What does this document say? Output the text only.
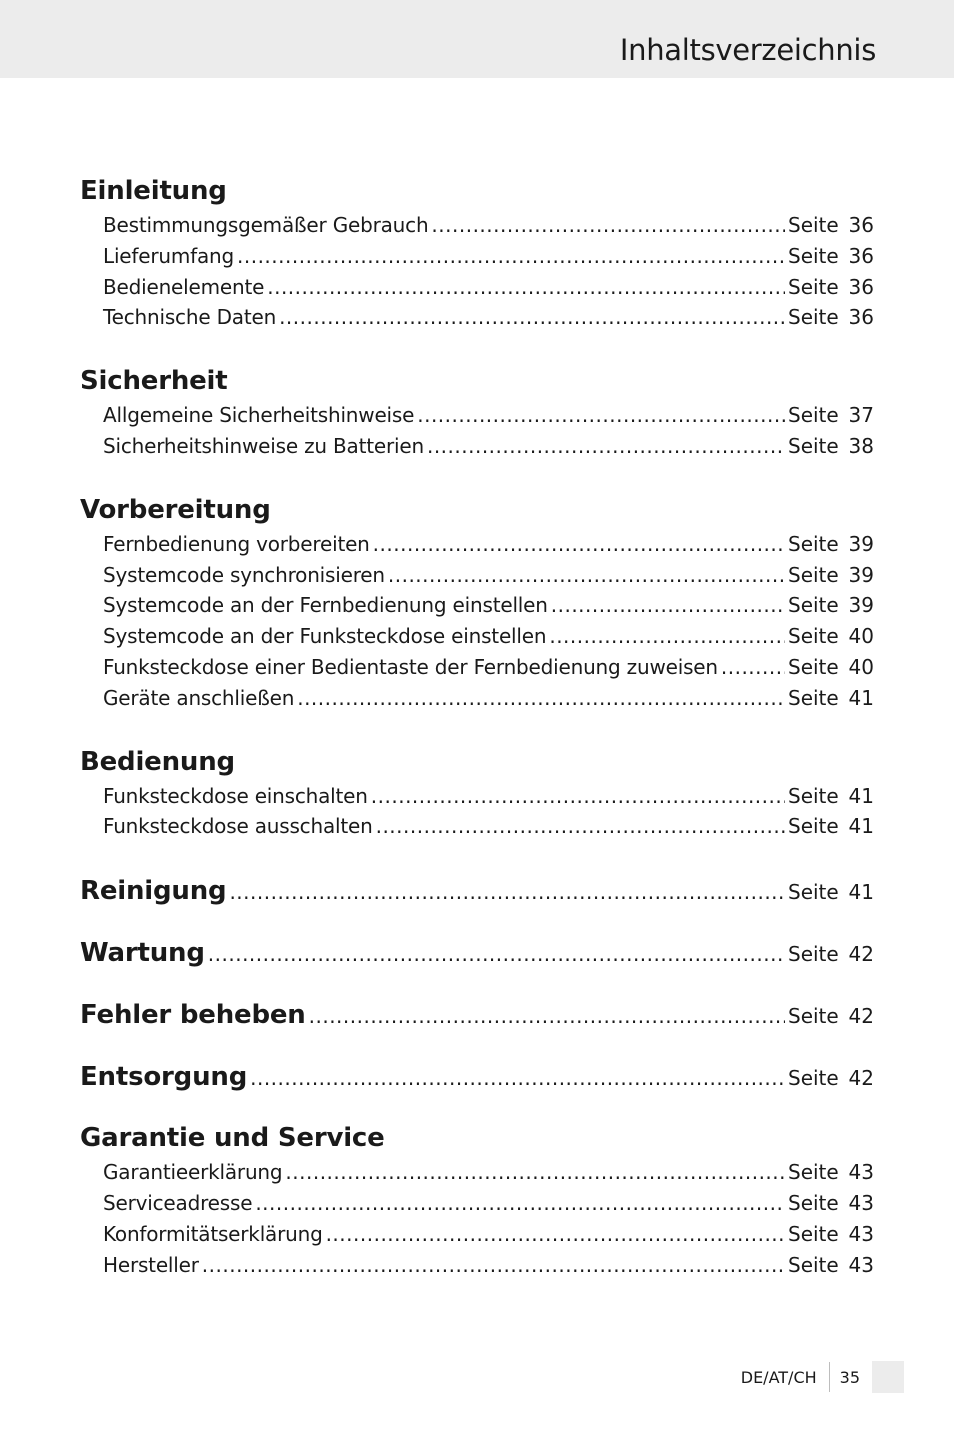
Inhaltsverzeichnis
Einleitung
Bestimmungsgemäßer Gebrauch .....	Seite 36
Lieferumfang .....	Seite 36
Bedienelemente .....	Seite 36
Technische Daten .....	Seite 36
Sicherheit
Allgemeine Sicherheitshinweise .....	Seite 37
Sicherheitshinweise zu Batterien .....	Seite 38
Vorbereitung
Fernbedienung vorbereiten .....	Seite 39
Systemcode synchronisieren .....	Seite 39
Systemcode an der Fernbedienung einstellen .....	Seite 39
Systemcode an der Funksteckdose einstellen .....	Seite 40
Funksteckdose einer Bedientaste der Fernbedienung zuweisen .....	Seite 40
Geräte anschließen .....	Seite 41
Bedienung
Funksteckdose einschalten .....	Seite 41
Funksteckdose ausschalten .....	Seite 41
Reinigung .....	Seite 41
Wartung .....	Seite 42
Fehler beheben .....	Seite 42
Entsorgung .....	Seite 42
Garantie und Service
Garantieerklärung .....	Seite 43
Serviceadresse .....	Seite 43
Konformitätserklärung .....	Seite 43
Hersteller .....	Seite 43
DE/AT/CH	35
